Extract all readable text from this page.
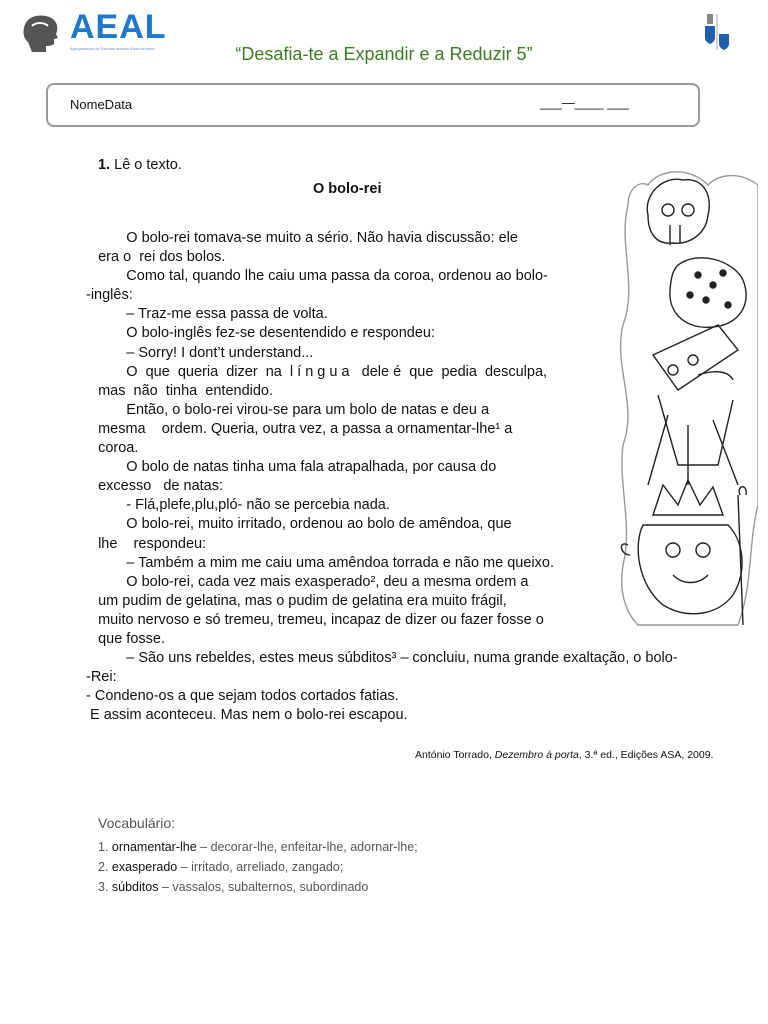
AEAL
Agrupamento de Escolas António Alves Amorim	“Desafia-te a Expandir e a Reduzir 5”
NomeData	___—____ ___
1. Lê o texto.
O bolo-rei
O bolo-rei tomava-se muito a sério. Não havia discussão: ele
era o  rei dos bolos.
Como tal, quando lhe caiu uma passa da coroa, ordenou ao bolo-
-inglês:
– Traz-me essa passa de volta.
O bolo-inglês fez-se desentendido e respondeu:
– Sorry! I dont’t understand...
O  que  queria  dizer  na  l í n g u a   dele é  que  pedia  desculpa,
mas  não  tinha  entendido.
Então, o bolo-rei virou-se para um bolo de natas e deu a
mesma    ordem. Queria, outra vez, a passa a ornamentar-lhe¹ a
coroa.
O bolo de natas tinha uma fala atrapalhada, por causa do
excesso   de natas:
- Flá,plefe,plu,pló- não se percebia nada.
O bolo-rei, muito irritado, ordenou ao bolo de amêndoa, que
lhe    respondeu:
– Também a mim me caiu uma amêndoa torrada e não me queixo.
O bolo-rei, cada vez mais exasperado², deu a mesma ordem a
um pudim de gelatina, mas o pudim de gelatina era muito frágil,
muito nervoso e só tremeu, tremeu, incapaz de dizer ou fazer fosse o
que fosse.
– São uns rebeldes, estes meus súbditos³ – concluiu, numa grande exaltação, o bolo-
-Rei:
- Condeno-os a que sejam todos cortados fatias.
E assim aconteceu. Mas nem o bolo-rei escapou.
António Torrado, Dezembro à porta, 3.ª ed., Edições ASA, 2009.
Vocabulário:
1. ornamentar-lhe – decorar-lhe, enfeitar-lhe, adornar-lhe;
2. exasperado – irritado, arreliado, zangado;
3. súbditos – vassalos, subalternos, subordinado
